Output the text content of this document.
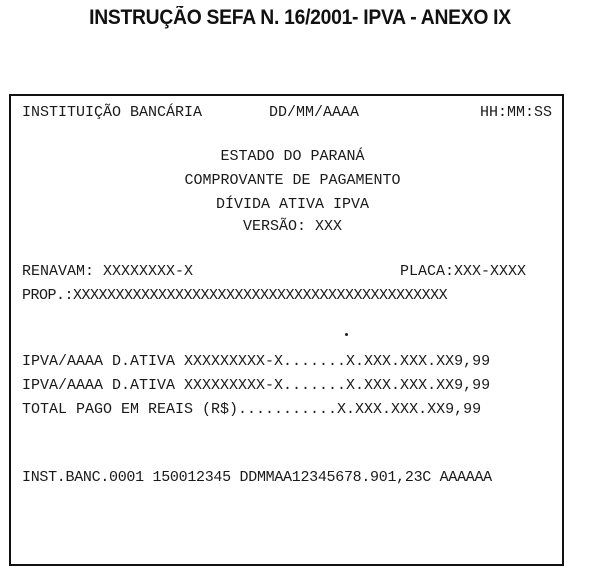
INSTRUÇÃO SEFA N. 16/2001- IPVA - ANEXO IX
INSTITUIÇÃO BANCÁRIA	DD/MM/AAAA	HH:MM:SS
ESTADO DO PARANÁ
COMPROVANTE DE PAGAMENTO
DÍVIDA ATIVA IPVA
VERSÃO: XXX
RENAVAM: XXXXXXXX-X	PLACA:XXX-XXXX
PROP.:XXXXXXXXXXXXXXXXXXXXXXXXXXXXXXXXXXXXXXXXXXXX
IPVA/AAAA D.ATIVA XXXXXXXXX-X.......X.XXX.XXX.XX9,99
IPVA/AAAA D.ATIVA XXXXXXXXX-X.......X.XXX.XXX.XX9,99
TOTAL PAGO EM REAIS (R$)...........X.XXX.XXX.XX9,99
INST.BANC.0001 150012345 DDMMAA12345678.901,23C AAAAAA
